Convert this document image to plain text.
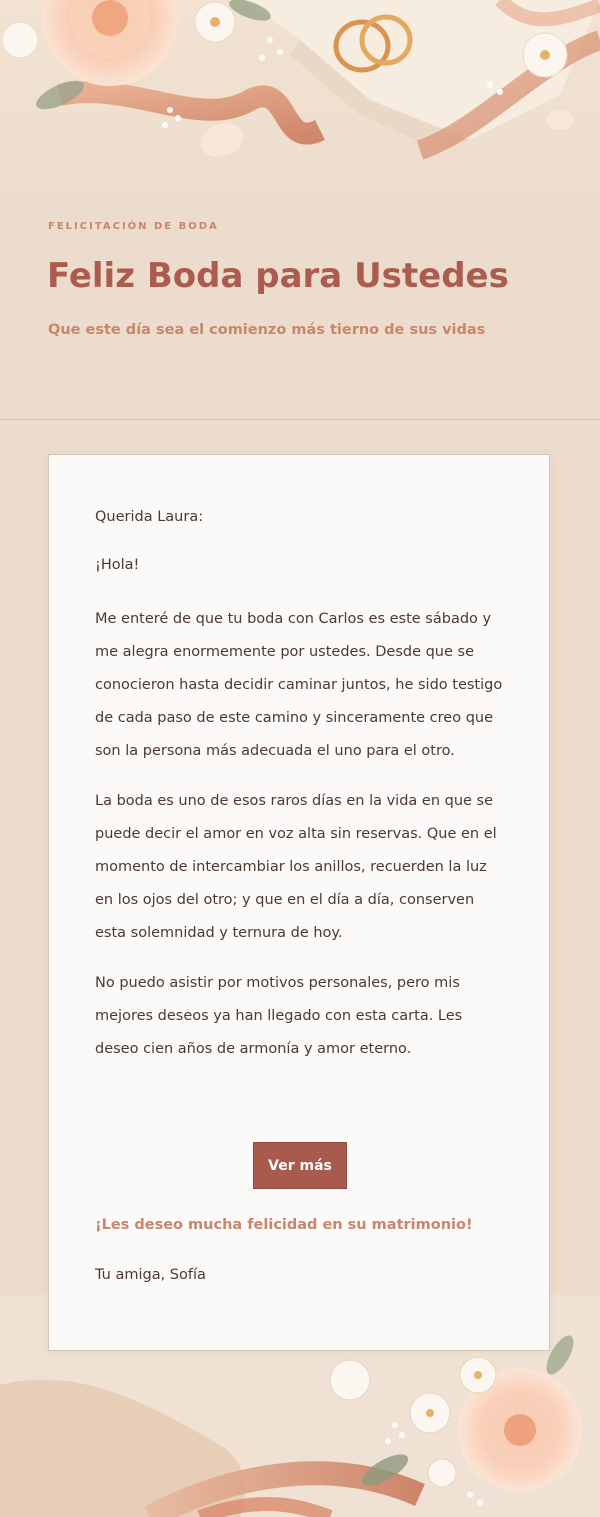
FELICITACIÓN DE BODA
Feliz Boda para Ustedes
Que este día sea el comienzo más tierno de sus vidas

Querida Laura:

¡Hola!

Me enteré de que tu boda con Carlos es este sábado y me alegra enormemente por ustedes. Desde que se conocieron hasta decidir caminar juntos, he sido testigo de cada paso de este camino y sinceramente creo que son la persona más adecuada el uno para el otro.

La boda es uno de esos raros días en la vida en que se puede decir el amor en voz alta sin reservas. Que en el momento de intercambiar los anillos, recuerden la luz en los ojos del otro; y que en el día a día, conserven esta solemnidad y ternura de hoy.

No puedo asistir por motivos personales, pero mis mejores deseos ya han llegado con esta carta. Les deseo cien años de armonía y amor eterno.

Ver más
¡Les deseo mucha felicidad en su matrimonio!
Tu amiga, Sofía
